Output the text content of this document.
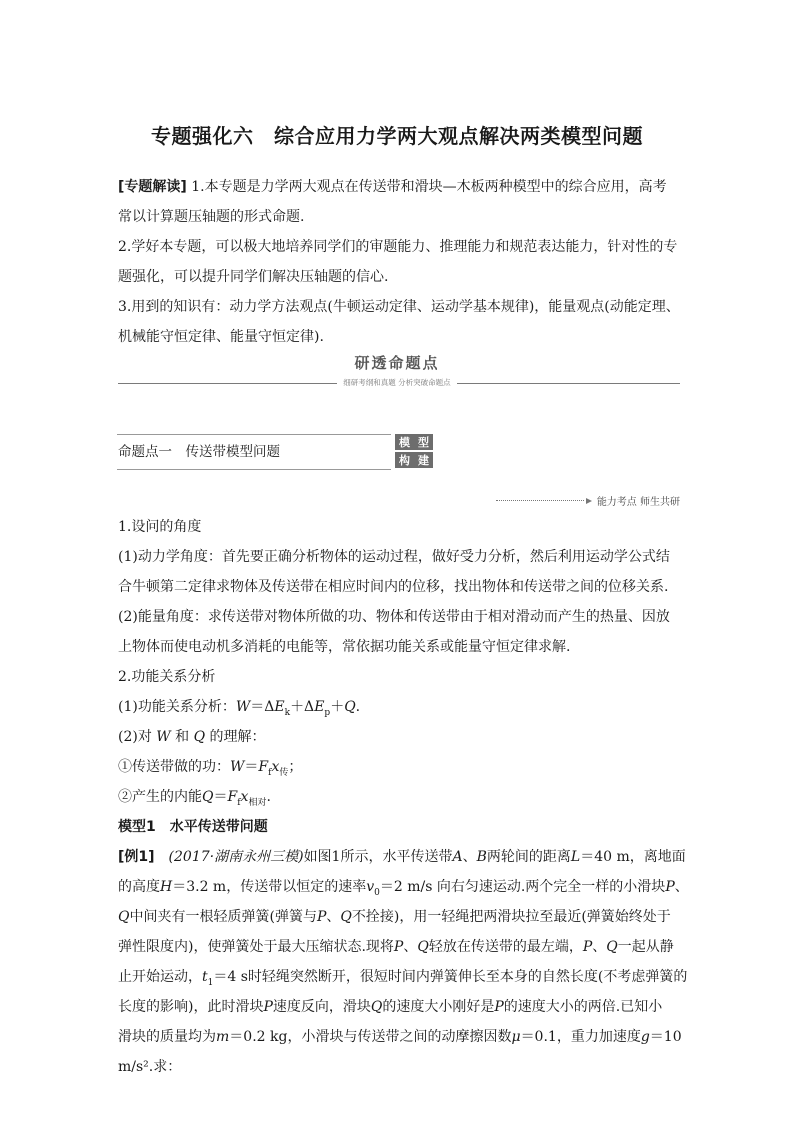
专题强化六　综合应用力学两大观点解决两类模型问题

[专题解读] 1.本专题是力学两大观点在传送带和滑块—木板两种模型中的综合应用，高考常以计算题压轴题的形式命题.

2.学好本专题，可以极大地培养同学们的审题能力、推理能力和规范表达能力，针对性的专题强化，可以提升同学们解决压轴题的信心.

3.用到的知识有：动力学方法观点(牛顿运动定律、运动学基本规律)，能量观点(动能定理、机械能守恒定律、能量守恒定律).

研透命题点
细研考纲和真题 分析突破命题点
命题点一　传送带模型问题
模 型
构 建
能力考点 师生共研
1.设问的角度

(1)动力学角度：首先要正确分析物体的运动过程，做好受力分析，然后利用运动学公式结合牛顿第二定律求物体及传送带在相应时间内的位移，找出物体和传送带之间的位移关系.

(2)能量角度：求传送带对物体所做的功、物体和传送带由于相对滑动而产生的热量、因放上物体而使电动机多消耗的电能等，常依据功能关系或能量守恒定律求解.

2.功能关系分析
(1)功能关系分析：$W=\Delta E_k+\Delta E_p+Q$.
(2)对 W 和 Q 的理解：
①传送带做的功：$W=F_fx_传$；
②产生的内能$Q=F_fx_{相对}$.
模型1　 水平传送带问题
[例1]　 (2017·湖南永州三模)如图1所示，水平传送带A、B两轮间的距离L＝40 m，离地面
的高度H＝3.2 m，传送带以恒定的速率$v_0=2$ m/s 向右匀速运动.两个完全一样的小滑块P、
Q中间夹有一根轻质弹簧(弹簧与P、Q不拴接)，用一轻绳把两滑块拉至最近(弹簧始终处于
弹性限度内)，使弹簧处于最大压缩状态.现将P、Q轻放在传送带的最左端，P、Q一起从静
止开始运动，$t_1=4$ s时轻绳突然断开，很短时间内弹簧伸长至本身的自然长度(不考虑弹簧的
长度的影响)，此时滑块P速度反向，滑块Q的速度大小刚好是P的速度大小的两倍.已知小
滑块的质量均为m＝0.2 kg，小滑块与传送带之间的动摩擦因数μ＝0.1，重力加速度g＝10
m/s².求：
